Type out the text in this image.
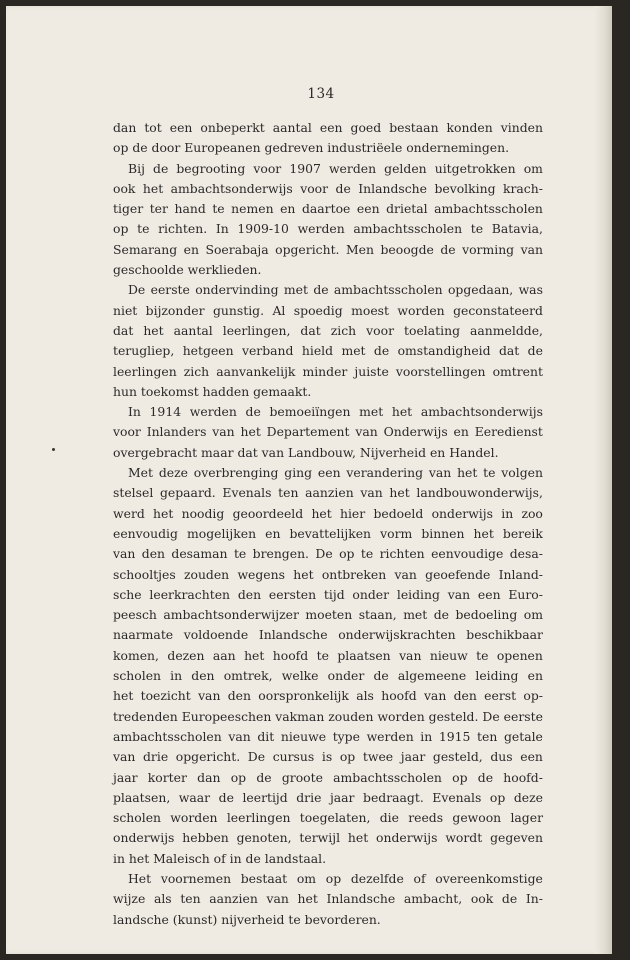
134
dan tot een onbeperkt aantal een goed bestaan konden vinden
op de door Europeanen gedreven industriëele ondernemingen.
Bij de begrooting voor 1907 werden gelden uitgetrokken om
ook het ambachtsonderwijs voor de Inlandsche bevolking krach-
tiger ter hand te nemen en daartoe een drietal ambachtsscholen
op te richten. In 1909-10 werden ambachtsscholen te Batavia,
Semarang en Soerabaja opgericht. Men beoogde de vorming van
geschoolde werklieden.
De eerste ondervinding met de ambachtsscholen opgedaan, was
niet bijzonder gunstig. Al spoedig moest worden geconstateerd
dat het aantal leerlingen, dat zich voor toelating aanmeldde,
terugliep, hetgeen verband hield met de omstandigheid dat de
leerlingen zich aanvankelijk minder juiste voorstellingen omtrent
hun toekomst hadden gemaakt.
In 1914 werden de bemoeiïngen met het ambachtsonderwijs
voor Inlanders van het Departement van Onderwijs en Eeredienst
overgebracht maar dat van Landbouw, Nijverheid en Handel.
Met deze overbrenging ging een verandering van het te volgen
stelsel gepaard. Evenals ten aanzien van het landbouwonderwijs,
werd het noodig geoordeeld het hier bedoeld onderwijs in zoo
eenvoudig mogelijken en bevattelijken vorm binnen het bereik
van den desaman te brengen. De op te richten eenvoudige desa-
schooltjes zouden wegens het ontbreken van geoefende Inland-
sche leerkrachten den eersten tijd onder leiding van een Euro-
peesch ambachtsonderwijzer moeten staan, met de bedoeling om
naarmate voldoende Inlandsche onderwijskrachten beschikbaar
komen, dezen aan het hoofd te plaatsen van nieuw te openen
scholen in den omtrek, welke onder de algemeene leiding en
het toezicht van den oorspronkelijk als hoofd van den eerst op-
tredenden Europeeschen vakman zouden worden gesteld. De eerste
ambachtsscholen van dit nieuwe type werden in 1915 ten getale
van drie opgericht. De cursus is op twee jaar gesteld, dus een
jaar korter dan op de groote ambachtsscholen op de hoofd-
plaatsen, waar de leertijd drie jaar bedraagt. Evenals op deze
scholen worden leerlingen toegelaten, die reeds gewoon lager
onderwijs hebben genoten, terwijl het onderwijs wordt gegeven
in het Maleisch of in de landstaal.
Het voornemen bestaat om op dezelfde of overeenkomstige
wijze als ten aanzien van het Inlandsche ambacht, ook de In-
landsche (kunst) nijverheid te bevorderen.
